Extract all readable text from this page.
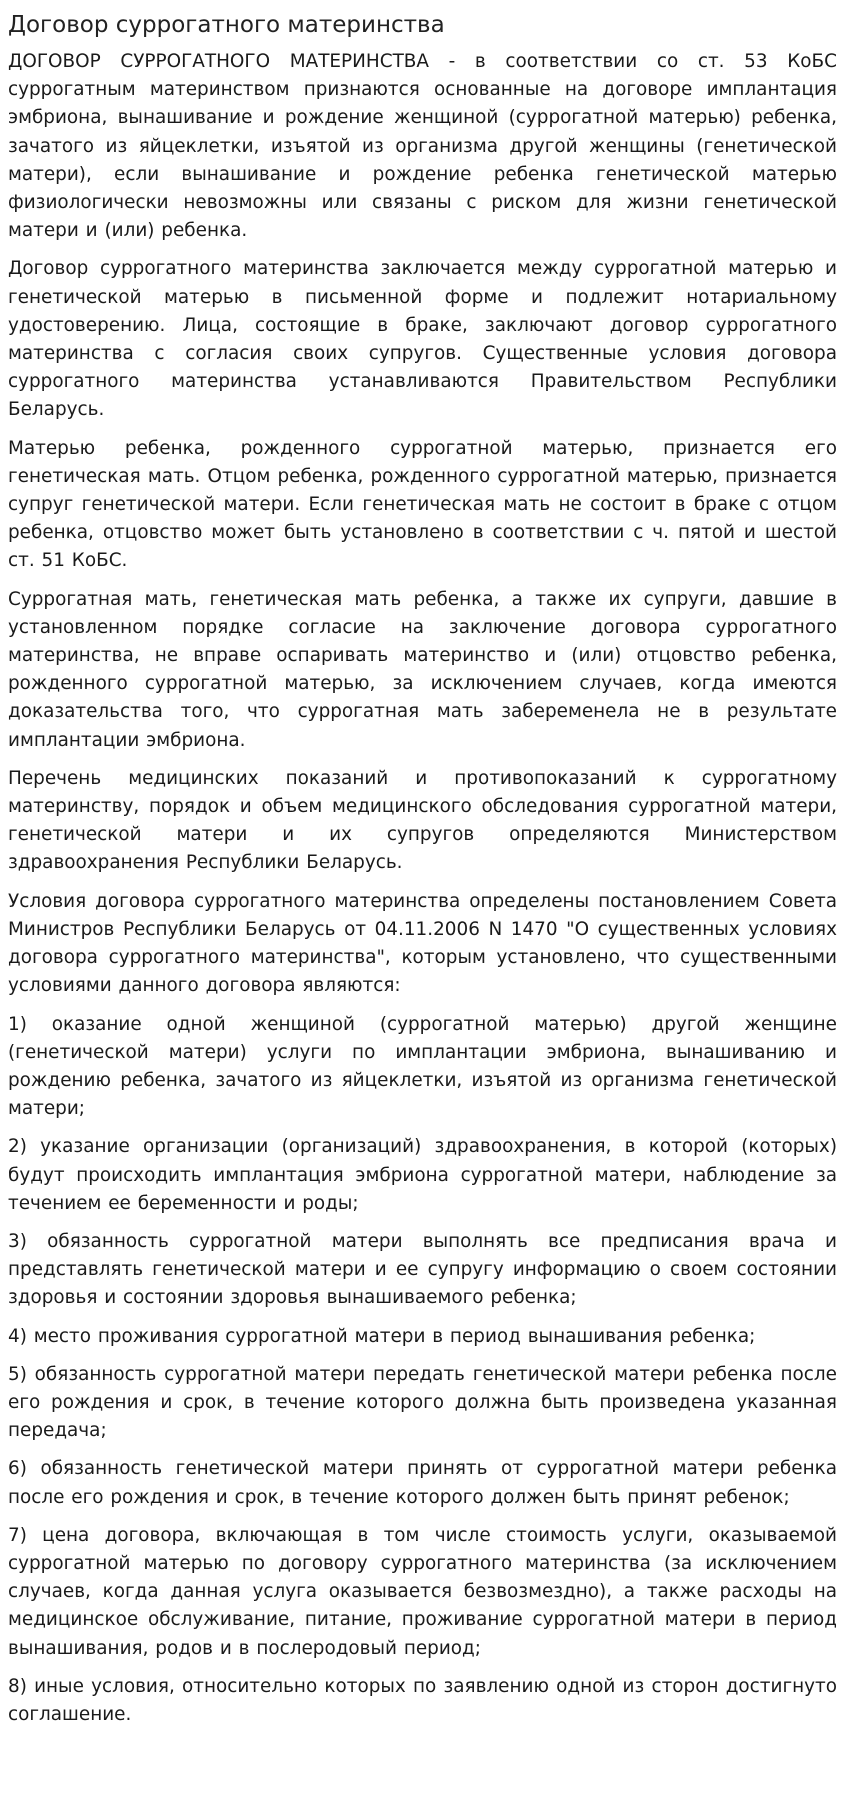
Договор суррогатного материнства

ДОГОВОР СУРРОГАТНОГО МАТЕРИНСТВА - в соответствии со ст. 53 КоБС суррогатным материнством признаются основанные на договоре имплантация эмбриона, вынашивание и рождение женщиной (суррогатной матерью) ребенка, зачатого из яйцеклетки, изъятой из организма другой женщины (генетической матери), если вынашивание и рождение ребенка генетической матерью физиологически невозможны или связаны с риском для жизни генетической матери и (или) ребенка.

Договор суррогатного материнства заключается между суррогатной матерью и генетической матерью в письменной форме и подлежит нотариальному удостоверению. Лица, состоящие в браке, заключают договор суррогатного материнства с согласия своих супругов. Существенные условия договора суррогатного материнства устанавливаются Правительством Республики Беларусь.

Матерью ребенка, рожденного суррогатной матерью, признается его генетическая мать. Отцом ребенка, рожденного суррогатной матерью, признается супруг генетической матери. Если генетическая мать не состоит в браке с отцом ребенка, отцовство может быть установлено в соответствии с ч. пятой и шестой ст. 51 КоБС.

Суррогатная мать, генетическая мать ребенка, а также их супруги, давшие в установленном порядке согласие на заключение договора суррогатного материнства, не вправе оспаривать материнство и (или) отцовство ребенка, рожденного суррогатной матерью, за исключением случаев, когда имеются доказательства того, что суррогатная мать забеременела не в результате имплантации эмбриона.

Перечень медицинских показаний и противопоказаний к суррогатному материнству, порядок и объем медицинского обследования суррогатной матери, генетической матери и их супругов определяются Министерством здравоохранения Республики Беларусь.

Условия договора суррогатного материнства определены постановлением Совета Министров Республики Беларусь от 04.11.2006 N 1470 "О существенных условиях договора суррогатного материнства", которым установлено, что существенными условиями данного договора являются:

1) оказание одной женщиной (суррогатной матерью) другой женщине (генетической матери) услуги по имплантации эмбриона, вынашиванию и рождению ребенка, зачатого из яйцеклетки, изъятой из организма генетической матери;

2) указание организации (организаций) здравоохранения, в которой (которых) будут происходить имплантация эмбриона суррогатной матери, наблюдение за течением ее беременности и роды;

3) обязанность суррогатной матери выполнять все предписания врача и представлять генетической матери и ее супругу информацию о своем состоянии здоровья и состоянии здоровья вынашиваемого ребенка;

4) место проживания суррогатной матери в период вынашивания ребенка;

5) обязанность суррогатной матери передать генетической матери ребенка после его рождения и срок, в течение которого должна быть произведена указанная передача;

6) обязанность генетической матери принять от суррогатной матери ребенка после его рождения и срок, в течение которого должен быть принят ребенок;

7) цена договора, включающая в том числе стоимость услуги, оказываемой суррогатной матерью по договору суррогатного материнства (за исключением случаев, когда данная услуга оказывается безвозмездно), а также расходы на медицинское обслуживание, питание, проживание суррогатной матери в период вынашивания, родов и в послеродовый период;

8) иные условия, относительно которых по заявлению одной из сторон достигнуто соглашение.
